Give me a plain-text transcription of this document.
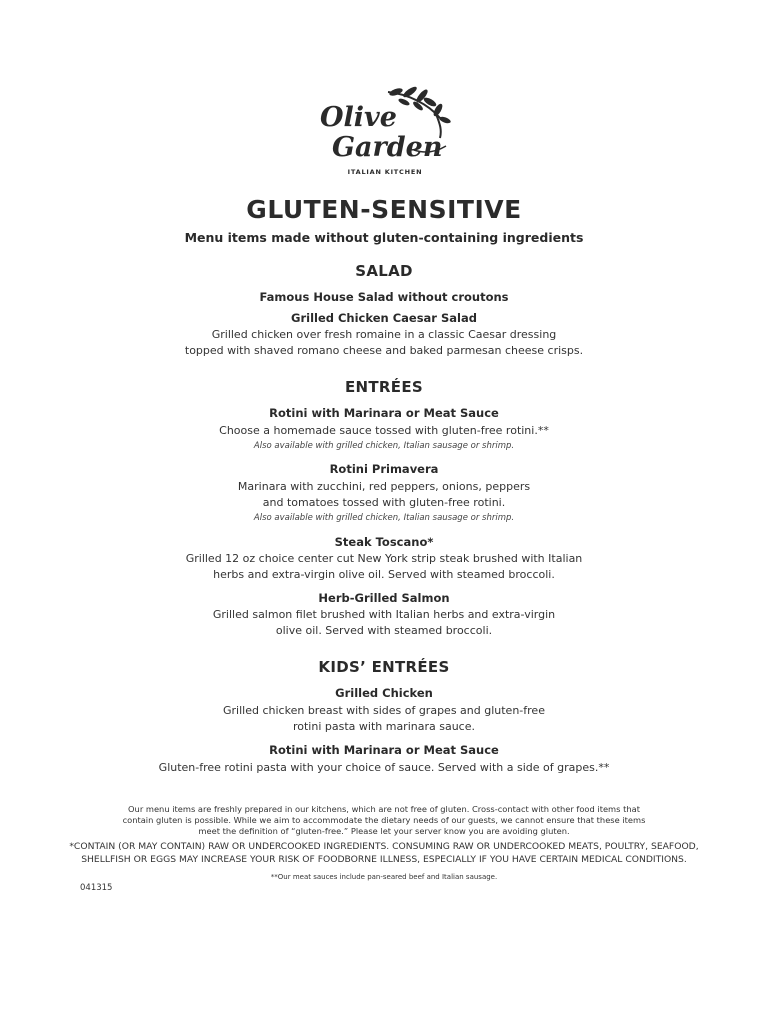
Olive
Garden
ITALIAN KITCHEN
GLUTEN-SENSITIVE
Menu items made without gluten-containing ingredients
SALAD
Famous House Salad without croutons
Grilled Chicken Caesar Salad
Grilled chicken over fresh romaine in a classic Caesar dressing
topped with shaved romano cheese and baked parmesan cheese crisps.
ENTRÉES
Rotini with Marinara or Meat Sauce
Choose a homemade sauce tossed with gluten-free rotini.**
Also available with grilled chicken, Italian sausage or shrimp.
Rotini Primavera
Marinara with zucchini, red peppers, onions, peppers
and tomatoes tossed with gluten-free rotini.
Also available with grilled chicken, Italian sausage or shrimp.
Steak Toscano*
Grilled 12 oz choice center cut New York strip steak brushed with Italian
herbs and extra-virgin olive oil. Served with steamed broccoli.
Herb-Grilled Salmon
Grilled salmon filet brushed with Italian herbs and extra-virgin
olive oil. Served with steamed broccoli.
KIDS’ ENTRÉES
Grilled Chicken
Grilled chicken breast with sides of grapes and gluten-free
rotini pasta with marinara sauce.
Rotini with Marinara or Meat Sauce
Gluten-free rotini pasta with your choice of sauce. Served with a side of grapes.**
Our menu items are freshly prepared in our kitchens, which are not free of gluten. Cross-contact with other food items that
contain gluten is possible. While we aim to accommodate the dietary needs of our guests, we cannot ensure that these items
meet the definition of “gluten-free.” Please let your server know you are avoiding gluten.
*CONTAIN (OR MAY CONTAIN) RAW OR UNDERCOOKED INGREDIENTS. CONSUMING RAW OR UNDERCOOKED MEATS, POULTRY, SEAFOOD,
SHELLFISH OR EGGS MAY INCREASE YOUR RISK OF FOODBORNE ILLNESS, ESPECIALLY IF YOU HAVE CERTAIN MEDICAL CONDITIONS.
**Our meat sauces include pan-seared beef and Italian sausage.
041315
